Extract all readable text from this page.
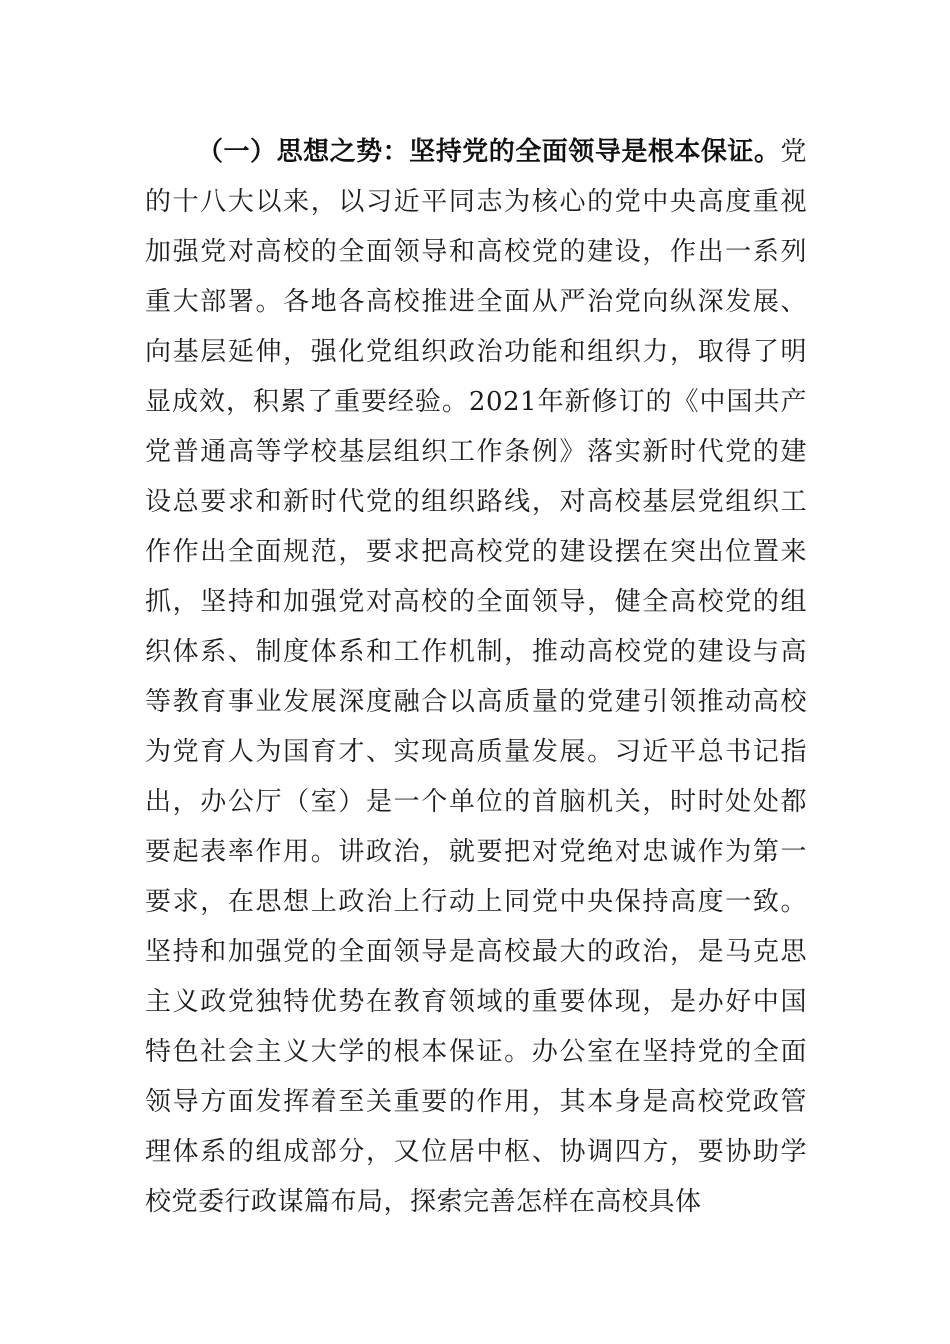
（一）思想之势：坚持党的全面领导是根本保证。党的十八大以来，以习近平同志为核心的党中央高度重视加强党对高校的全面领导和高校党的建设，作出一系列重大部署。各地各高校推进全面从严治党向纵深发展、向基层延伸，强化党组织政治功能和组织力，取得了明显成效，积累了重要经验。2021年新修订的《中国共产党普通高等学校基层组织工作条例》落实新时代党的建设总要求和新时代党的组织路线，对高校基层党组织工作作出全面规范，要求把高校党的建设摆在突出位置来抓，坚持和加强党对高校的全面领导，健全高校党的组织体系、制度体系和工作机制，推动高校党的建设与高等教育事业发展深度融合以高质量的党建引领推动高校为党育人为国育才、实现高质量发展。习近平总书记指出，办公厅（室）是一个单位的首脑机关，时时处处都要起表率作用。讲政治，就要把对党绝对忠诚作为第一要求，在思想上政治上行动上同党中央保持高度一致。坚持和加强党的全面领导是高校最大的政治，是马克思主义政党独特优势在教育领域的重要体现，是办好中国特色社会主义大学的根本保证。办公室在坚持党的全面领导方面发挥着至关重要的作用，其本身是高校党政管理体系的组成部分，又位居中枢、协调四方，要协助学校党委行政谋篇布局，探索完善怎样在高校具体
